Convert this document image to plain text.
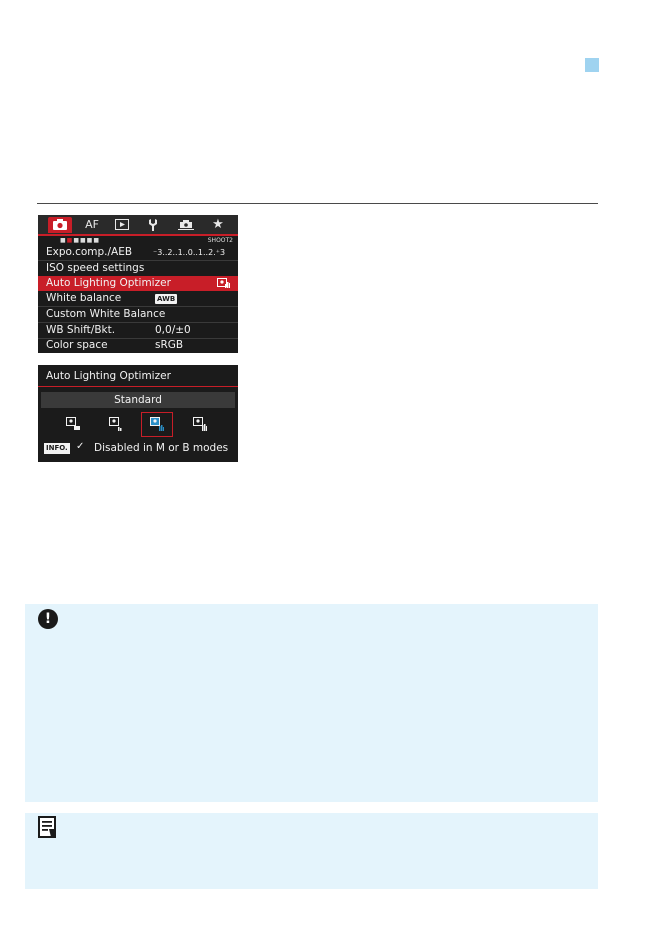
AF	★
■■■■■■	SHOOT2
Expo.comp./AEB	⁻3..2..1..0..1..2.⁺3
ISO speed settings
Auto Lighting Optimizer
White balance	AWB
Custom White Balance
WB Shift/Bkt.	0,0/±0
Color space	sRGB
Auto Lighting Optimizer
Standard
INFO. ✓ Disabled in M or B modes
!
